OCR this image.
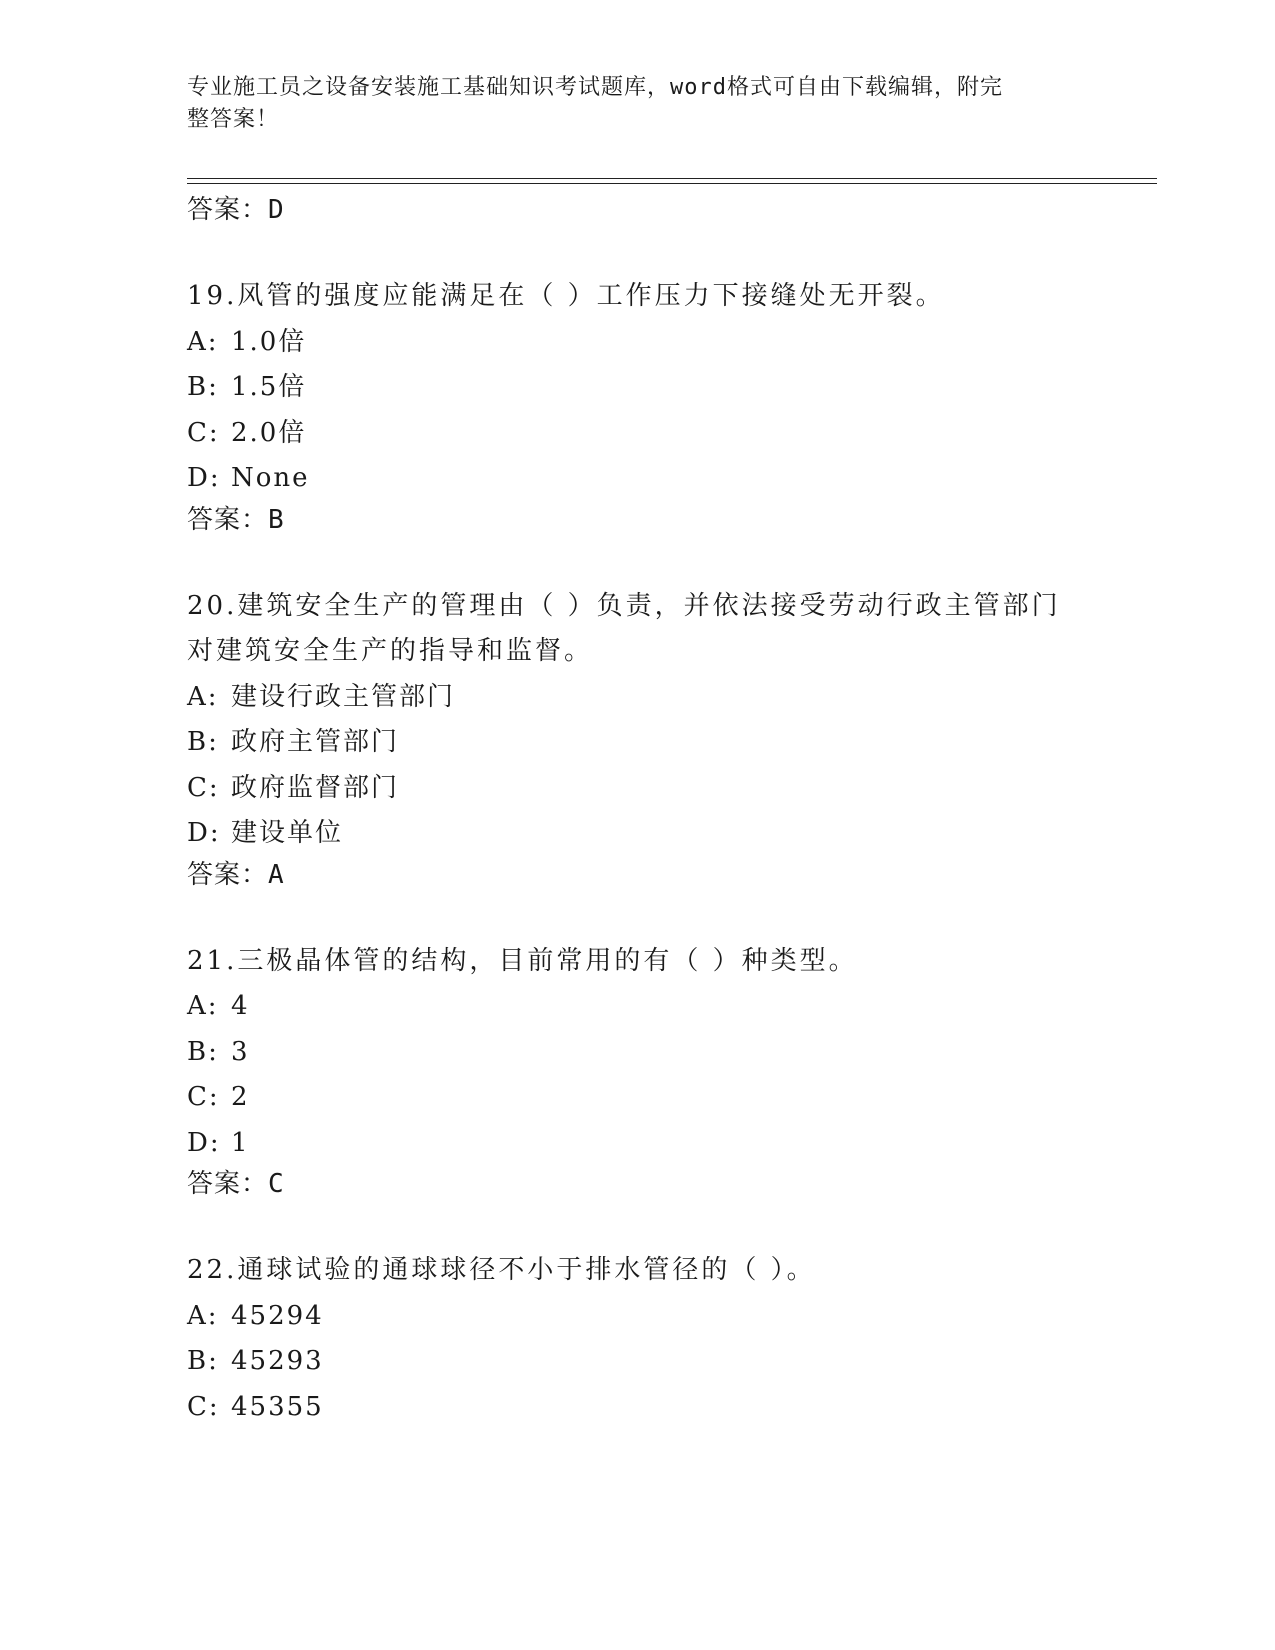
专业施工员之设备安装施工基础知识考试题库，word格式可自由下载编辑，附完
整答案！
答案：D

19.风管的强度应能满足在（ ）工作压力下接缝处无开裂。

A: 1.0倍
B: 1.5倍
C: 2.0倍
D: None
答案：B
20.建筑安全生产的管理由（ ）负责，并依法接受劳动行政主管部门
对建筑安全生产的指导和监督。
A: 建设行政主管部门
B: 政府主管部门
C: 政府监督部门
D: 建设单位
答案：A

21.三极晶体管的结构，目前常用的有（ ）种类型。

A: 4
B: 3
C: 2
D: 1
答案：C

22.通球试验的通球球径不小于排水管径的（ ）。

A: 45294
B: 45293
C: 45355
